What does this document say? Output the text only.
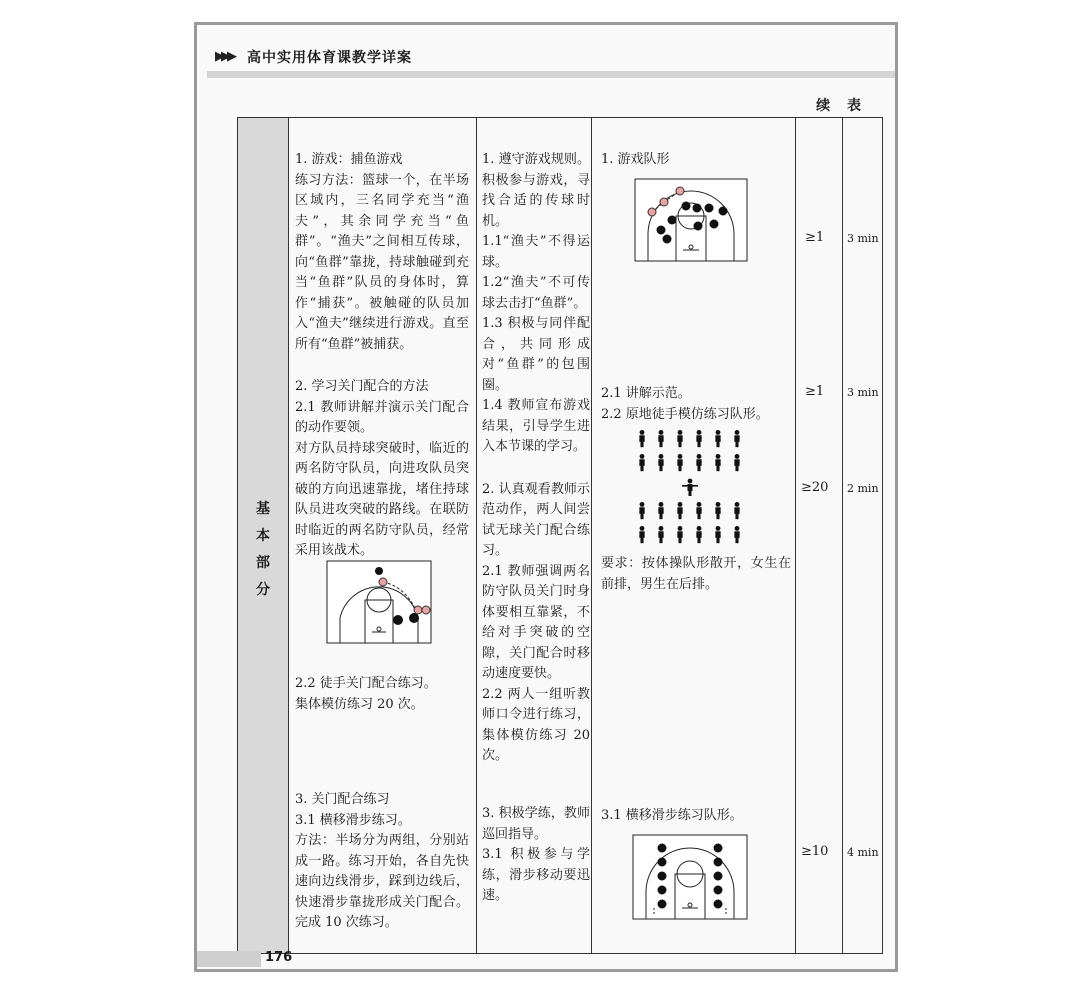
▶▶▶ 高中实用体育课教学详案
续 表
基
本
部
分

1. 游戏：捕鱼游戏

练习方法：篮球一个，在半场区域内，三名同学充当“渔夫”，其余同学充当“鱼群”。“渔夫”之间相互传球，向“鱼群”靠拢，持球触碰到充当“鱼群”队员的身体时，算作“捕获”。被触碰的队员加入“渔夫”继续进行游戏。直至所有“鱼群”被捕获。

2. 学习关门配合的方法

2.1 教师讲解并演示关门配合的动作要领。

对方队员持球突破时，临近的两名防守队员，向进攻队员突破的方向迅速靠拢，堵住持球队员进攻突破的路线。在联防时临近的两名防守队员，经常采用该战术。

2.2 徒手关门配合练习。

集体模仿练习 20 次。

3. 关门配合练习

3.1 横移滑步练习。

方法：半场分为两组，分别站成一路。练习开始，各自先快速向边线滑步，踩到边线后，快速滑步靠拢形成关门配合。完成 10 次练习。

1. 遵守游戏规则。积极参与游戏，寻找合适的传球时机。

1.1“渔夫”不得运球。

1.2“渔夫”不可传球去击打“鱼群”。

1.3 积极与同伴配合，共同形成对“鱼群”的包围圈。

1.4 教师宣布游戏结果，引导学生进入本节课的学习。

2. 认真观看教师示范动作，两人间尝试无球关门配合练习。

2.1 教师强调两名防守队员关门时身体要相互靠紧，不给对手突破的空隙，关门配合时移动速度要快。

2.2 两人一组听教师口令进行练习，集体模仿练习 20 次。

3. 积极学练，教师巡回指导。

3.1 积极参与学练，滑步移动要迅速。

1. 游戏队形

2.1 讲解示范。

2.2 原地徒手模仿练习队形。

要求：按体操队形散开，女生在前排，男生在后排。
3.1 横移滑步练习队形。
≥1
≥1
≥20
≥10
3 min
3 min
2 min
4 min
176
